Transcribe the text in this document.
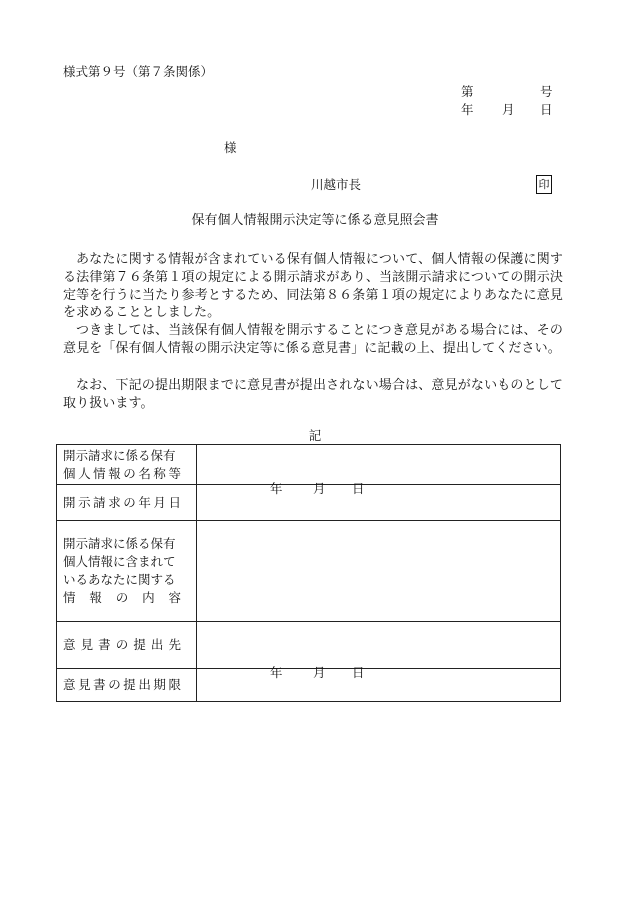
様式第９号（第７条関係）
第	号
年 月 日
様
川越市長	印
保有個人情報開示決定等に係る意見照会書
あなたに関する情報が含まれている保有個人情報について、個人情報の保護に関する法律第７６条第１項の規定による開示請求があり、当該開示請求についての開示決定等を行うに当たり参考とするため、同法第８６条第１項の規定によりあなたに意見を求めることとしました。
つきましては、当該保有個人情報を開示することにつき意見がある場合には、その意見を「保有個人情報の開示決定等に係る意見書」に記載の上、提出してください。
なお、下記の提出期限までに意見書が提出されない場合は、意見がないものとして取り扱います。
記
開示請求に係る保有
個人情報の名称等	

開示請求の年月日	年 月 日

開示請求に係る保有
個人情報に含まれて
いるあなたに関する
情報の内容	

意見書の提出先	

意見書の提出期限	年 月 日
